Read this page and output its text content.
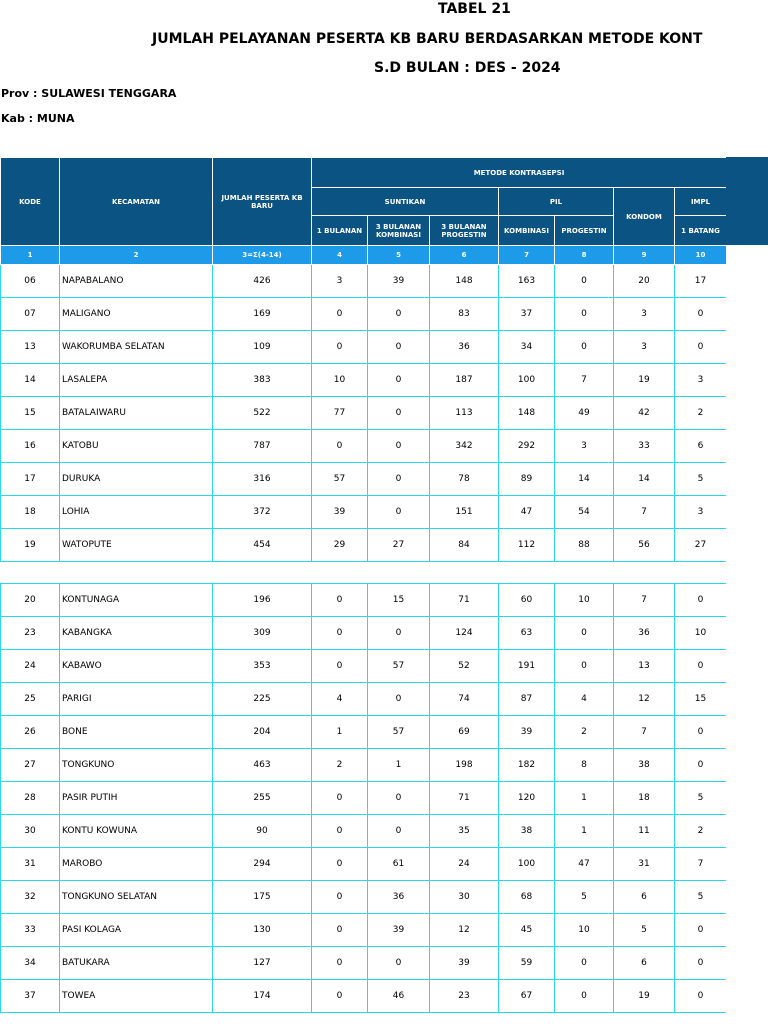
TABEL 21
JUMLAH PELAYANAN PESERTA KB BARU BERDASARKAN METODE KONT
S.D BULAN : DES - 2024
Prov : SULAWESI TENGGARA
Kab : MUNA
KODE	KECAMATAN	JUMLAH PESERTA KB BARU	METODE KONTRASEPSI						
			SUNTIKAN			PIL		KONDOM	IMPL
			1 BULANAN	3 BULANAN KOMBINASI	3 BULANAN PROGESTIN	KOMBINASI	PROGESTIN		1 BATANG
1	2	3=Σ(4-14)	4	5	6	7	8	9	10
06	NAPABALANO	426	3	39	148	163	0	20	17
07	MALIGANO	169	0	0	83	37	0	3	0
13	WAKORUMBA SELATAN	109	0	0	36	34	0	3	0
14	LASALEPA	383	10	0	187	100	7	19	3
15	BATALAIWARU	522	77	0	113	148	49	42	2
16	KATOBU	787	0	0	342	292	3	33	6
17	DURUKA	316	57	0	78	89	14	14	5
18	LOHIA	372	39	0	151	47	54	7	3
19	WATOPUTE	454	29	27	84	112	88	56	27

20	KONTUNAGA	196	0	15	71	60	10	7	0
23	KABANGKA	309	0	0	124	63	0	36	10
24	KABAWO	353	0	57	52	191	0	13	0
25	PARIGI	225	4	0	74	87	4	12	15
26	BONE	204	1	57	69	39	2	7	0
27	TONGKUNO	463	2	1	198	182	8	38	0
28	PASIR PUTIH	255	0	0	71	120	1	18	5
30	KONTU KOWUNA	90	0	0	35	38	1	11	2
31	MAROBO	294	0	61	24	100	47	31	7
32	TONGKUNO SELATAN	175	0	36	30	68	5	6	5
33	PASI KOLAGA	130	0	39	12	45	10	5	0
34	BATUKARA	127	0	0	39	59	0	6	0
37	TOWEA	174	0	46	23	67	0	19	0
